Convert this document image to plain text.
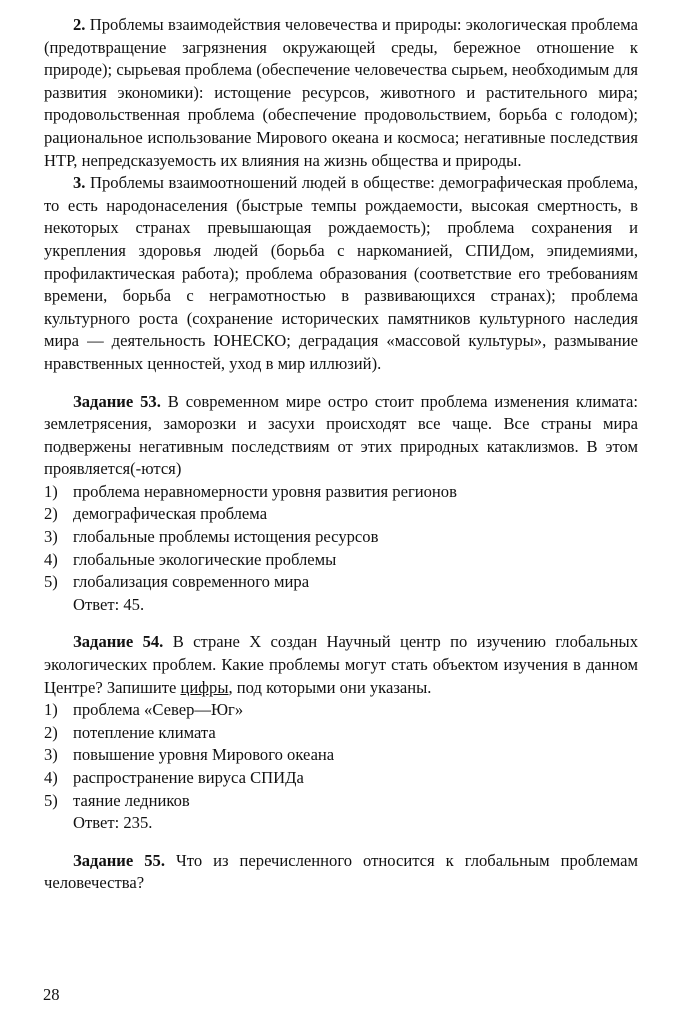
2. Проблемы взаимодействия человечества и природы: экологическая проблема (предотвращение загрязнения окружающей среды, бережное отношение к природе); сырьевая проблема (обеспечение человечества сырьем, необходимым для развития экономики): истощение ресурсов, животного и растительного мира; продовольственная проблема (обеспечение продовольствием, борьба с голодом); рациональное использование Мирового океана и космоса; негативные последствия НТР, непредсказуемость их влияния на жизнь общества и природы.

3. Проблемы взаимоотношений людей в обществе: демографическая проблема, то есть народонаселения (быстрые темпы рождаемости, высокая смертность, в некоторых странах превышающая рождаемость); проблема сохранения и укрепления здоровья людей (борьба с наркоманией, СПИДом, эпидемиями, профилактическая работа); проблема образования (соответствие его требованиям времени, борьба с неграмотностью в развивающихся странах); проблема культурного роста (сохранение исторических памятников культурного наследия мира — деятельность ЮНЕСКО; деградация «массовой культуры», размывание нравственных ценностей, уход в мир иллюзий).

Задание 53. В современном мире остро стоит проблема изменения климата: землетрясения, заморозки и засухи происходят все чаще. Все страны мира подвержены негативным последствиям от этих природных катаклизмов. В этом проявляется(-ются)

1) проблема неравномерности уровня развития регионов
2) демографическая проблема
3) глобальные проблемы истощения ресурсов
4) глобальные экологические проблемы
5) глобализация современного мира

Ответ: 45.

Задание 54. В стране X создан Научный центр по изучению глобальных экологических проблем. Какие проблемы могут стать объектом изучения в данном Центре? Запишите цифры, под которыми они указаны.

1) проблема «Север—Юг»
2) потепление климата
3) повышение уровня Мирового океана
4) распространение вируса СПИДа
5) таяние ледников

Ответ: 235.

Задание 55. Что из перечисленного относится к глобальным проблемам человечества?

28
